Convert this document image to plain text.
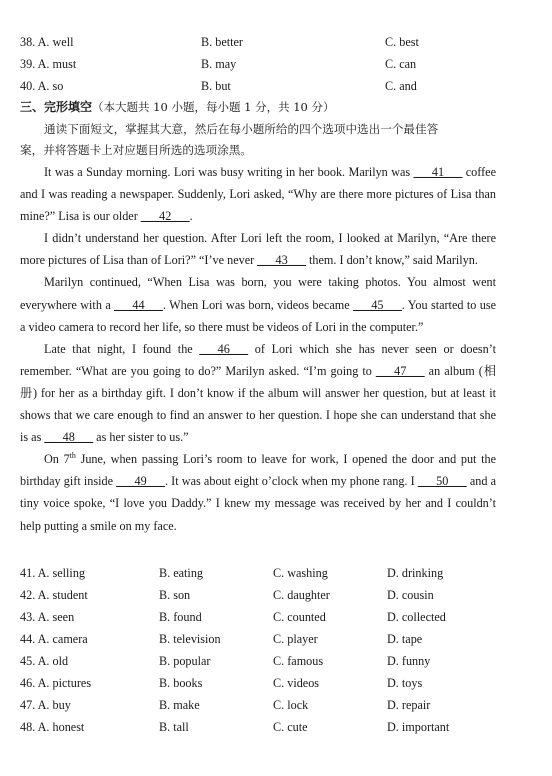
38. A. well	B. better	C. best
39. A. must	B. may	C. can
40. A. so	B. but	C. and
三、完形填空（本大题共 10 小题，每小题 1 分，共 10 分）
通读下面短文，掌握其大意，然后在每小题所给的四个选项中选出一个最佳答
案，并将答题卡上对应题目所选的选项涂黑。

It was a Sunday morning. Lori was busy writing in her book. Marilyn was ___41___ coffee and I was reading a newspaper. Suddenly, Lori asked, “Why are there more pictures of Lisa than mine?” Lisa is our older ___42___.

I didn’t understand her question. After Lori left the room, I looked at Marilyn, “Are there more pictures of Lisa than of Lori?” “I’ve never ___43___ them. I don’t know,” said Marilyn.

Marilyn continued, “When Lisa was born, you were taking photos. You almost went everywhere with a ___44___. When Lori was born, videos became ___45___. You started to use a video camera to record her life, so there must be videos of Lori in the computer.”

Late that night, I found the ___46___ of Lori which she has never seen or doesn’t remember. “What are you going to do?” Marilyn asked. “I’m going to ___47___ an album (相册) for her as a birthday gift. I don’t know if the album will answer her question, but at least it shows that we care enough to find an answer to her question. I hope she can understand that she is as ___48___ as her sister to us.”

On 7th June, when passing Lori’s room to leave for work, I opened the door and put the birthday gift inside ___49___. It was about eight o’clock when my phone rang. I ___50___ and a tiny voice spoke, “I love you Daddy.” I knew my message was received by her and I couldn’t help putting a smile on my face.

41. A. selling	B. eating	C. washing	D. drinking
42. A. student	B. son	C. daughter	D. cousin
43. A. seen	B. found	C. counted	D. collected
44. A. camera	B. television	C. player	D. tape
45. A. old	B. popular	C. famous	D. funny
46. A. pictures	B. books	C. videos	D. toys
47. A. buy	B. make	C. lock	D. repair
48. A. honest	B. tall	C. cute	D. important
